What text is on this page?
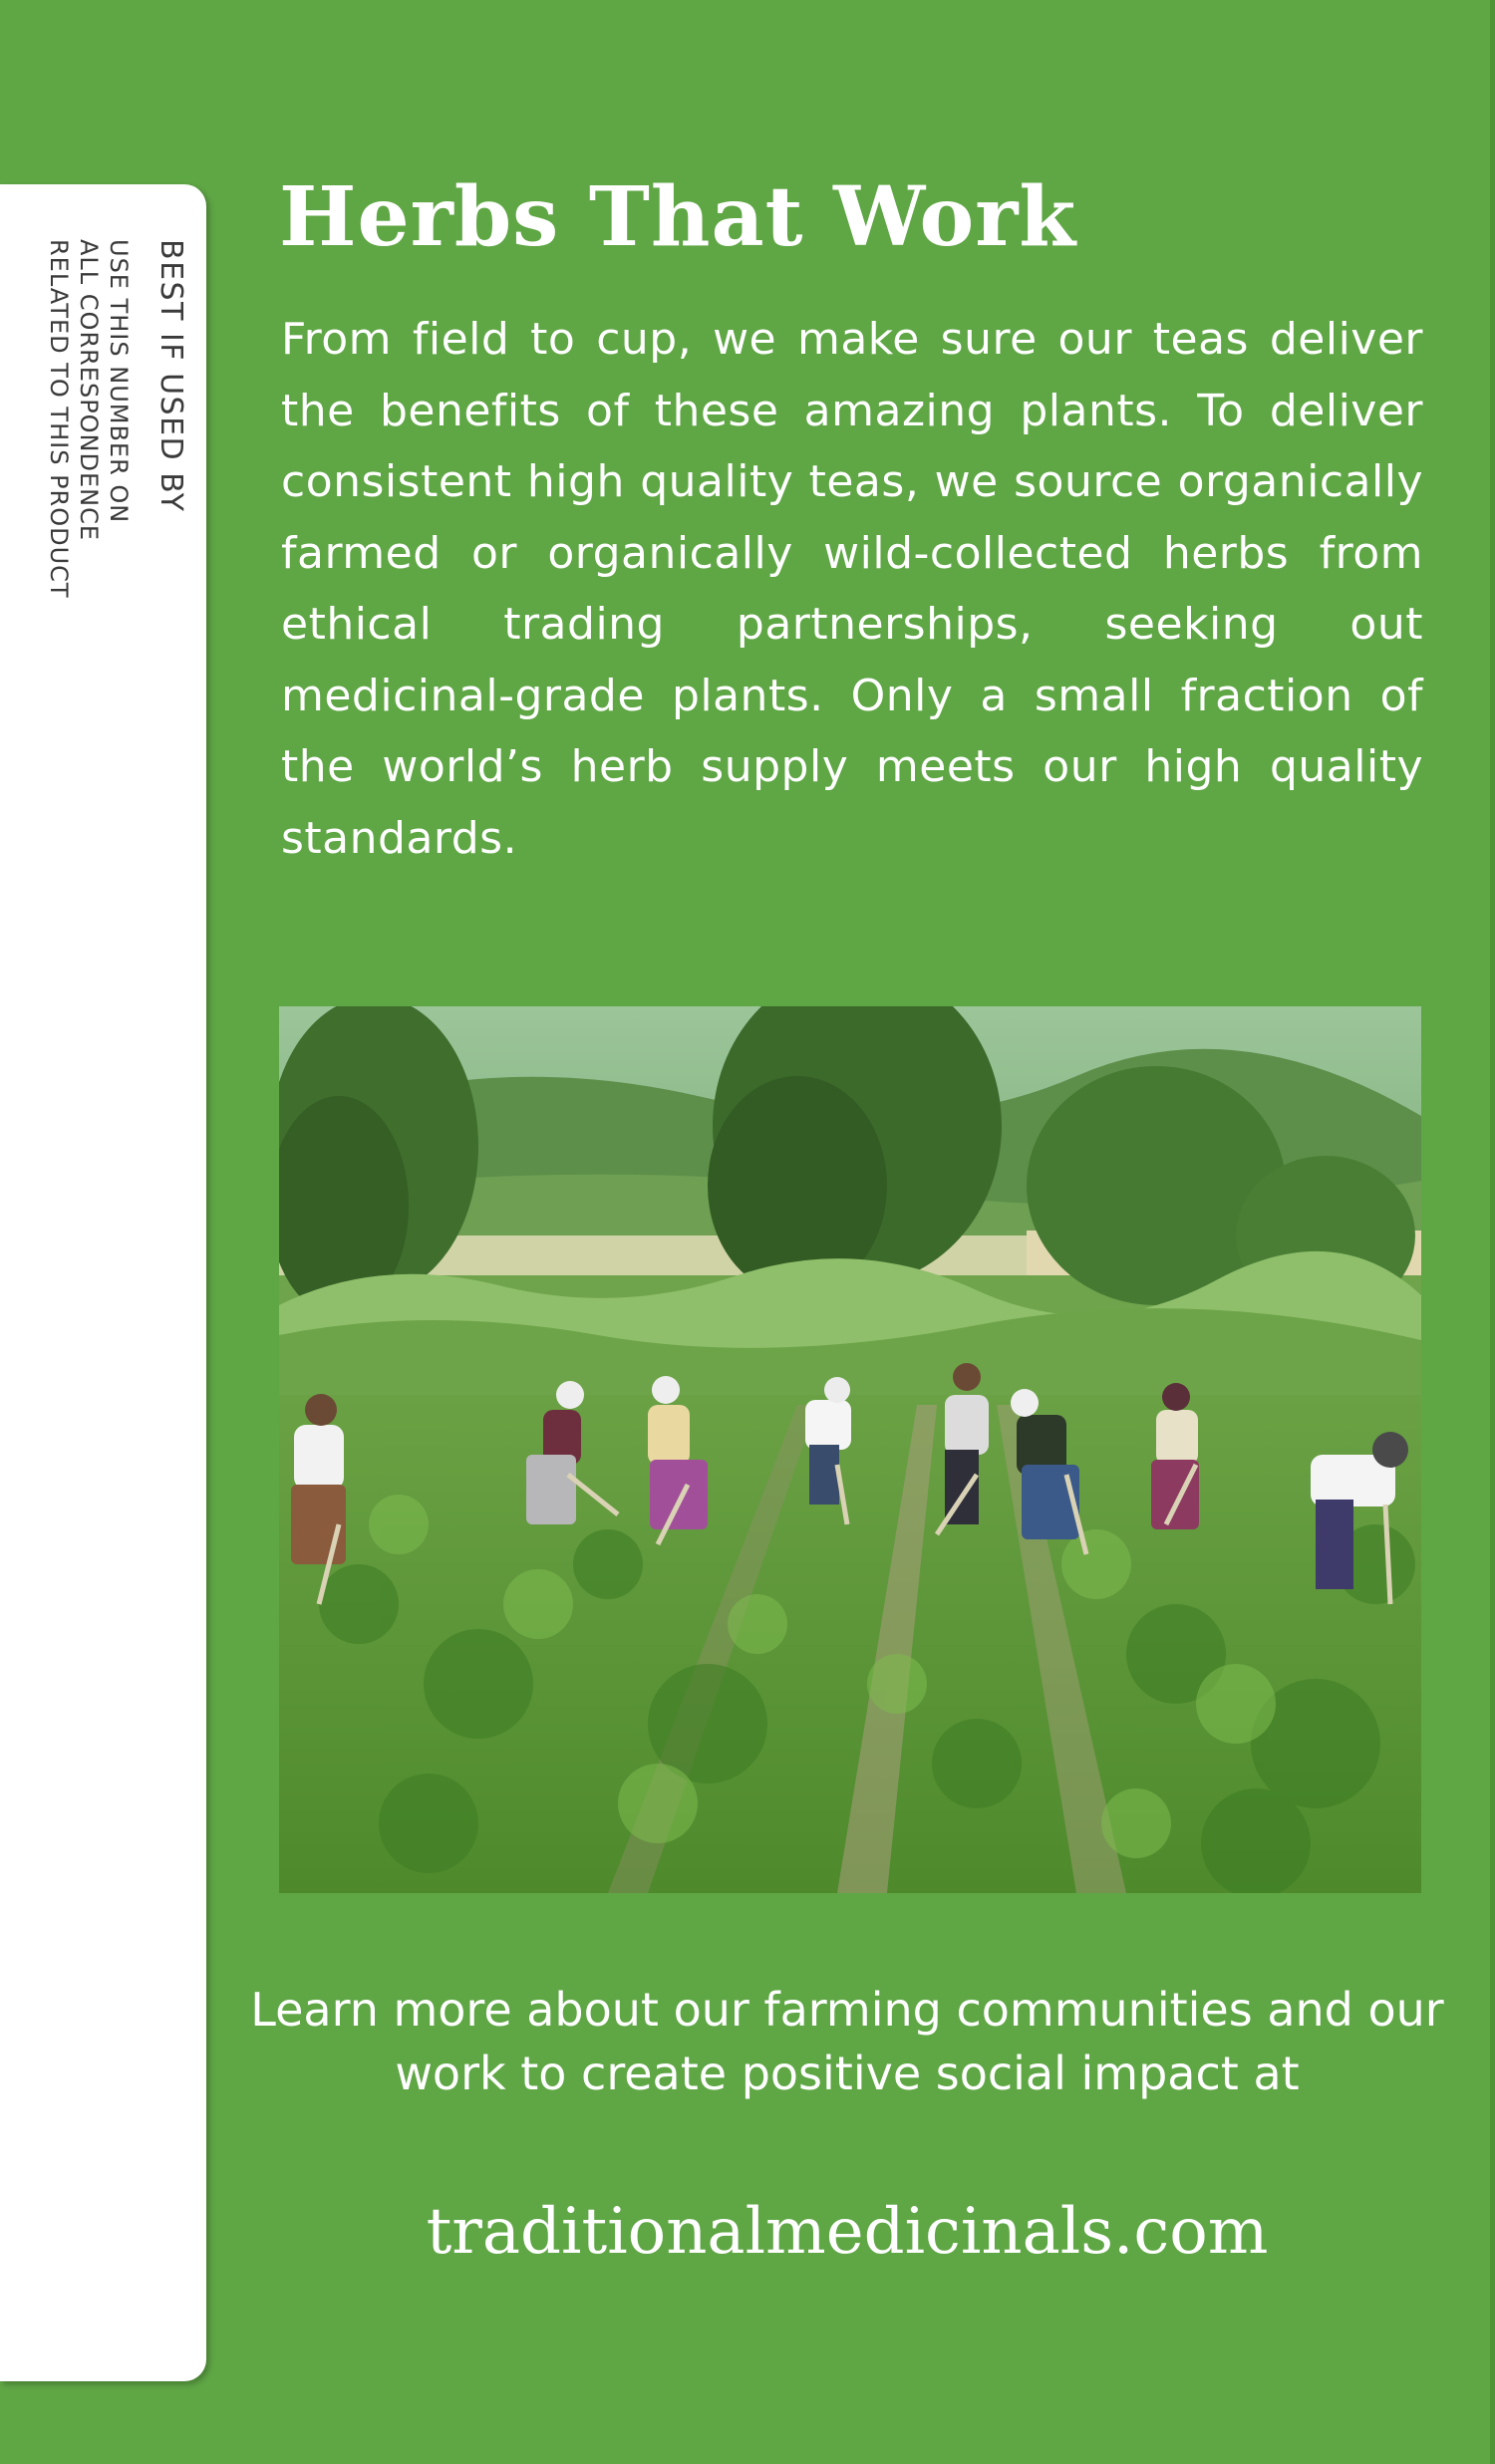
BEST IF USED BY
USE THIS NUMBER ON
ALL CORRESPONDENCE
RELATED TO THIS PRODUCT
Herbs That Work

From field to cup, we make sure our teas deliver the benefits of these amazing plants. To deliver consistent high quality teas, we source organically farmed or organically wild-collected herbs from ethical trading partnerships, seeking out medicinal-grade plants. Only a small fraction of the world’s herb supply meets our high quality standards.

Learn more about our farming communities and our work to create positive social impact at

traditionalmedicinals.com
